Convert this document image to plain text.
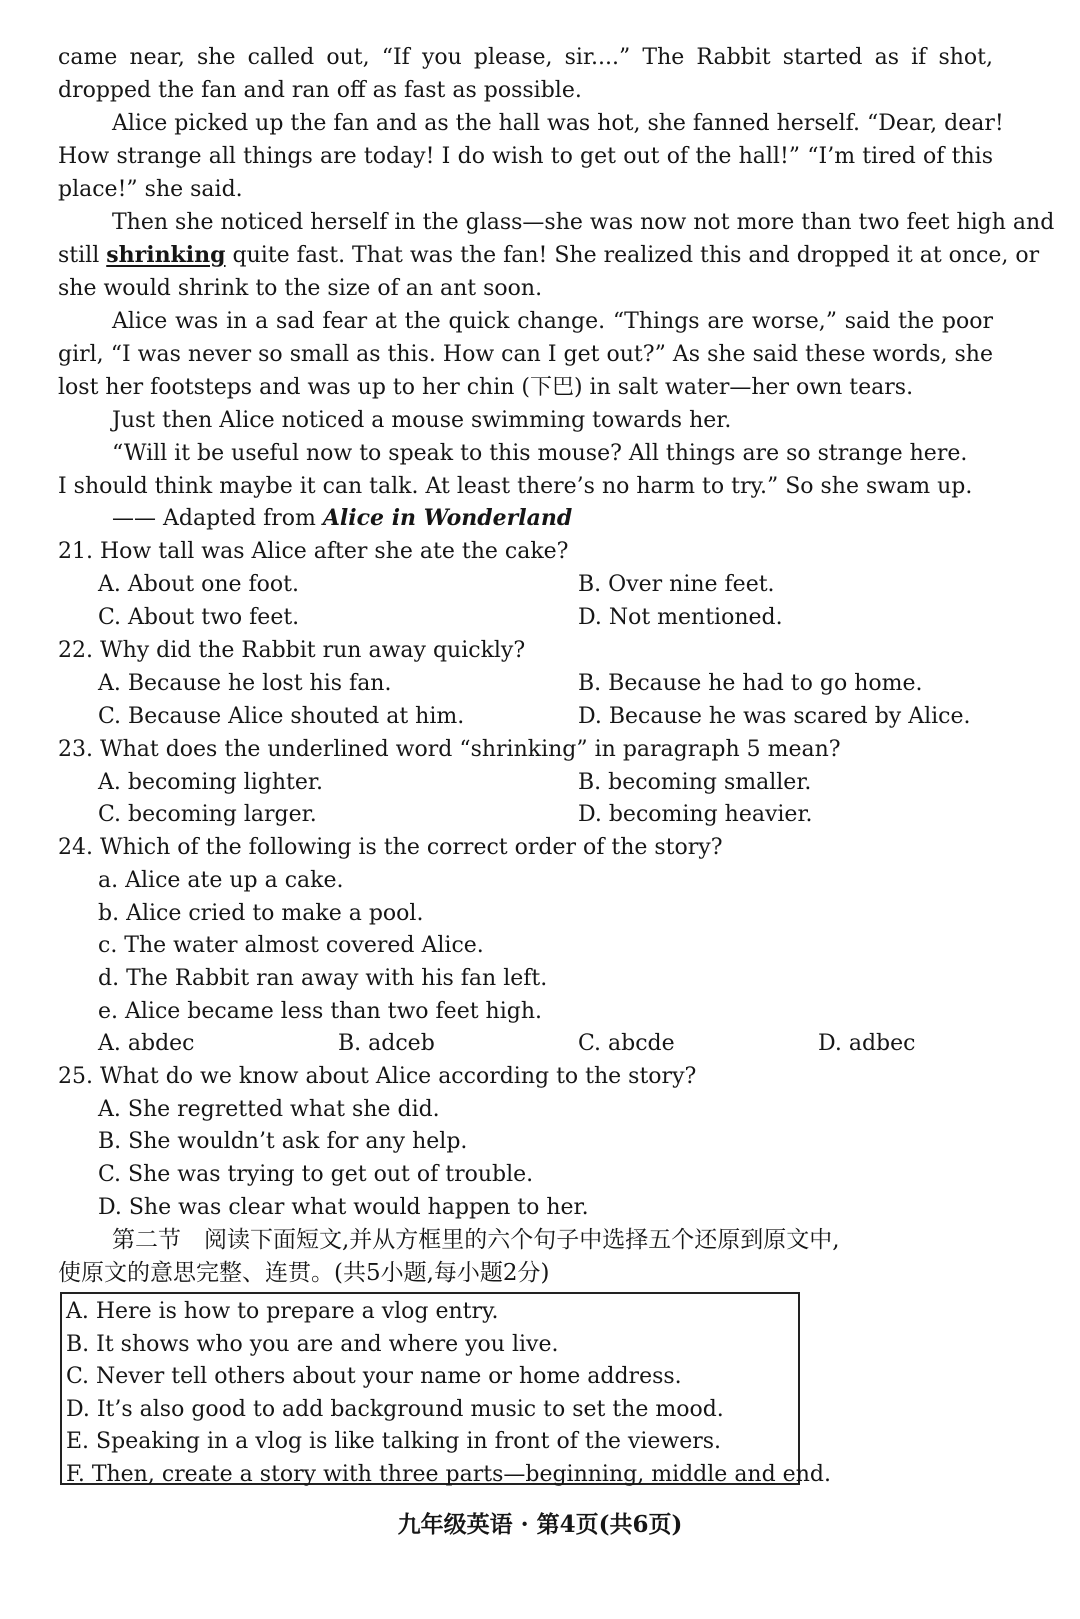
came near, she called out, “If you please, sir....” The Rabbit started as if shot,
dropped the fan and ran off as fast as possible.
Alice picked up the fan and as the hall was hot, she fanned herself. “Dear, dear!
How strange all things are today! I do wish to get out of the hall!” “I’m tired of this
place!” she said.
Then she noticed herself in the glass—she was now not more than two feet high and
still shrinking quite fast. That was the fan! She realized this and dropped it at once, or
she would shrink to the size of an ant soon.
Alice was in a sad fear at the quick change. “Things are worse,” said the poor
girl, “I was never so small as this. How can I get out?” As she said these words, she
lost her footsteps and was up to her chin (下巴) in salt water—her own tears.
Just then Alice noticed a mouse swimming towards her.
“Will it be useful now to speak to this mouse? All things are so strange here.
I should think maybe it can talk. At least there’s no harm to try.” So she swam up.
—— Adapted from Alice in Wonderland
21. How tall was Alice after she ate the cake?
A. About one foot.	B. Over nine feet.
C. About two feet.	D. Not mentioned.
22. Why did the Rabbit run away quickly?
A. Because he lost his fan.	B. Because he had to go home.
C. Because Alice shouted at him.	D. Because he was scared by Alice.
23. What does the underlined word “shrinking” in paragraph 5 mean?
A. becoming lighter.	B. becoming smaller.
C. becoming larger.	D. becoming heavier.
24. Which of the following is the correct order of the story?
a. Alice ate up a cake.
b. Alice cried to make a pool.
c. The water almost covered Alice.
d. The Rabbit ran away with his fan left.
e. Alice became less than two feet high.
A. abdec	B. adceb	C. abcde	D. adbec
25. What do we know about Alice according to the story?
A. She regretted what she did.
B. She wouldn’t ask for any help.
C. She was trying to get out of trouble.
D. She was clear what would happen to her.
第二节　阅读下面短文,并从方框里的六个句子中选择五个还原到原文中,
使原文的意思完整、连贯。(共5小题,每小题2分)
A. Here is how to prepare a vlog entry.
B. It shows who you are and where you live.
C. Never tell others about your name or home address.
D. It’s also good to add background music to set the mood.
E. Speaking in a vlog is like talking in front of the viewers.
F. Then, create a story with three parts—beginning, middle and end.
九年级英语 · 第4页(共6页)
